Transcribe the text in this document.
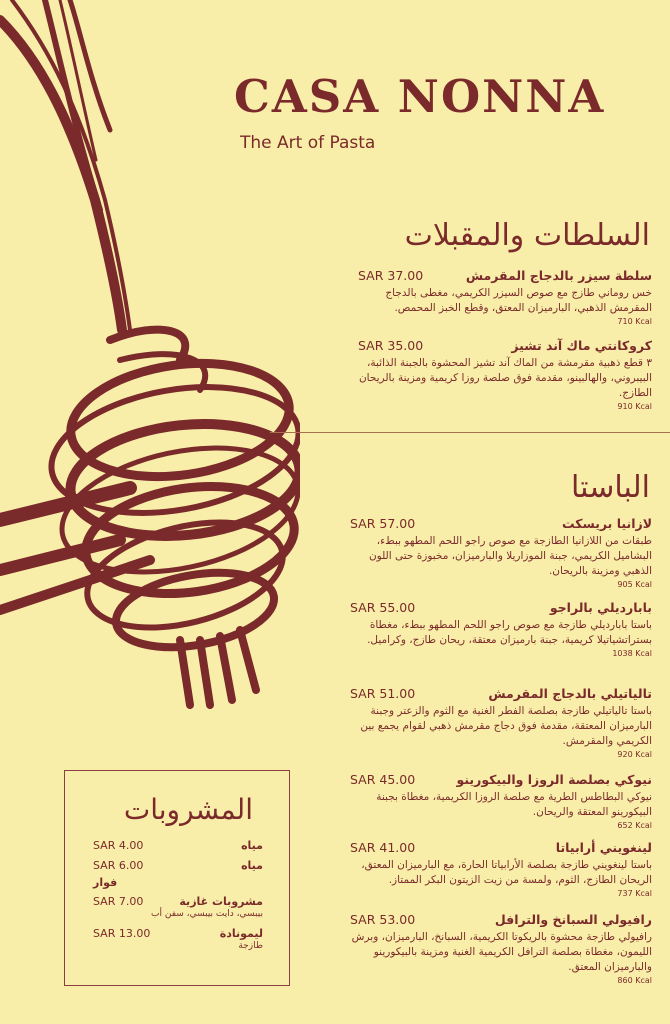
CASA NONNA
The Art of Pasta
السلطات والمقبلات
SAR 37.00	سلطة سيزر بالدجاج المقرمش
خس روماني طازج مع صوص السيزر الكريمي، مغطى بالدجاج المقرمش الذهبي، البارميزان المعتق، وقطع الخبز المحمص.
710 Kcal
SAR 35.00	كروكانتي ماك آند تشيز
٣ قطع ذهبية مقرمشة من الماك آند تشيز المحشوة بالجبنة الذائبة، البيبروني، والهالبينو، مقدمة فوق صلصة روزا كريمية ومزينة بالريحان الطازج.
910 Kcal
الباستا
SAR 57.00	لازانيا بريسكت
طبقات من اللازانيا الطازجة مع صوص راجو اللحم المطهو ببطء، البشاميل الكريمي، جبنة الموزاريلا والبارميزان، مخبوزة حتى اللون الذهبي ومزينة بالريحان.
905 Kcal
SAR 55.00	بابارديلي بالراجو
باستا بابارديلي طازجة مع صوص راجو اللحم المطهو ببطء، مغطاة بستراتشياتيلا كريمية، جبنة بارميزان معتقة، ريحان طازج، وكراميل.
1038 Kcal
SAR 51.00	تالياتيلي بالدجاج المقرمش
باستا تالياتيلي طازجة بصلصة الفطر الغنية مع الثوم والزعتر وجبنة البارميزان المعتقة، مقدمة فوق دجاج مقرمش ذهبي لقوام يجمع بين الكريمي والمقرمش.
920 Kcal
SAR 45.00	نيوكي بصلصة الروزا والبيكورينو
نيوكي البطاطس الطرية مع صلصة الروزا الكريمية، مغطاة بجبنة البيكورينو المعتقة والريحان.
652 Kcal
SAR 41.00	لينغويني أرابياتا
باستا لينغويني طازجة بصلصة الأرابياتا الحارة، مع البارميزان المعتق، الريحان الطازج، الثوم، ولمسة من زيت الزيتون البكر الممتاز.
737 Kcal
SAR 53.00	رافيولي السبانخ والترافل
رافيولي طازجة محشوة بالريكوتا الكريمية، السبانخ، البارميزان، وبرش الليمون، مغطاة بصلصة الترافل الكريمية الغنية ومزينة بالبيكورينو والبارميزان المعتق.
860 Kcal
المشروبات
SAR 4.00	مياه
SAR 6.00	مياه
فوار
SAR 7.00	مشروبات غازية
بيبسي، دايت بيبسي، سفن أب
SAR 13.00	ليمونادة
طازجة
